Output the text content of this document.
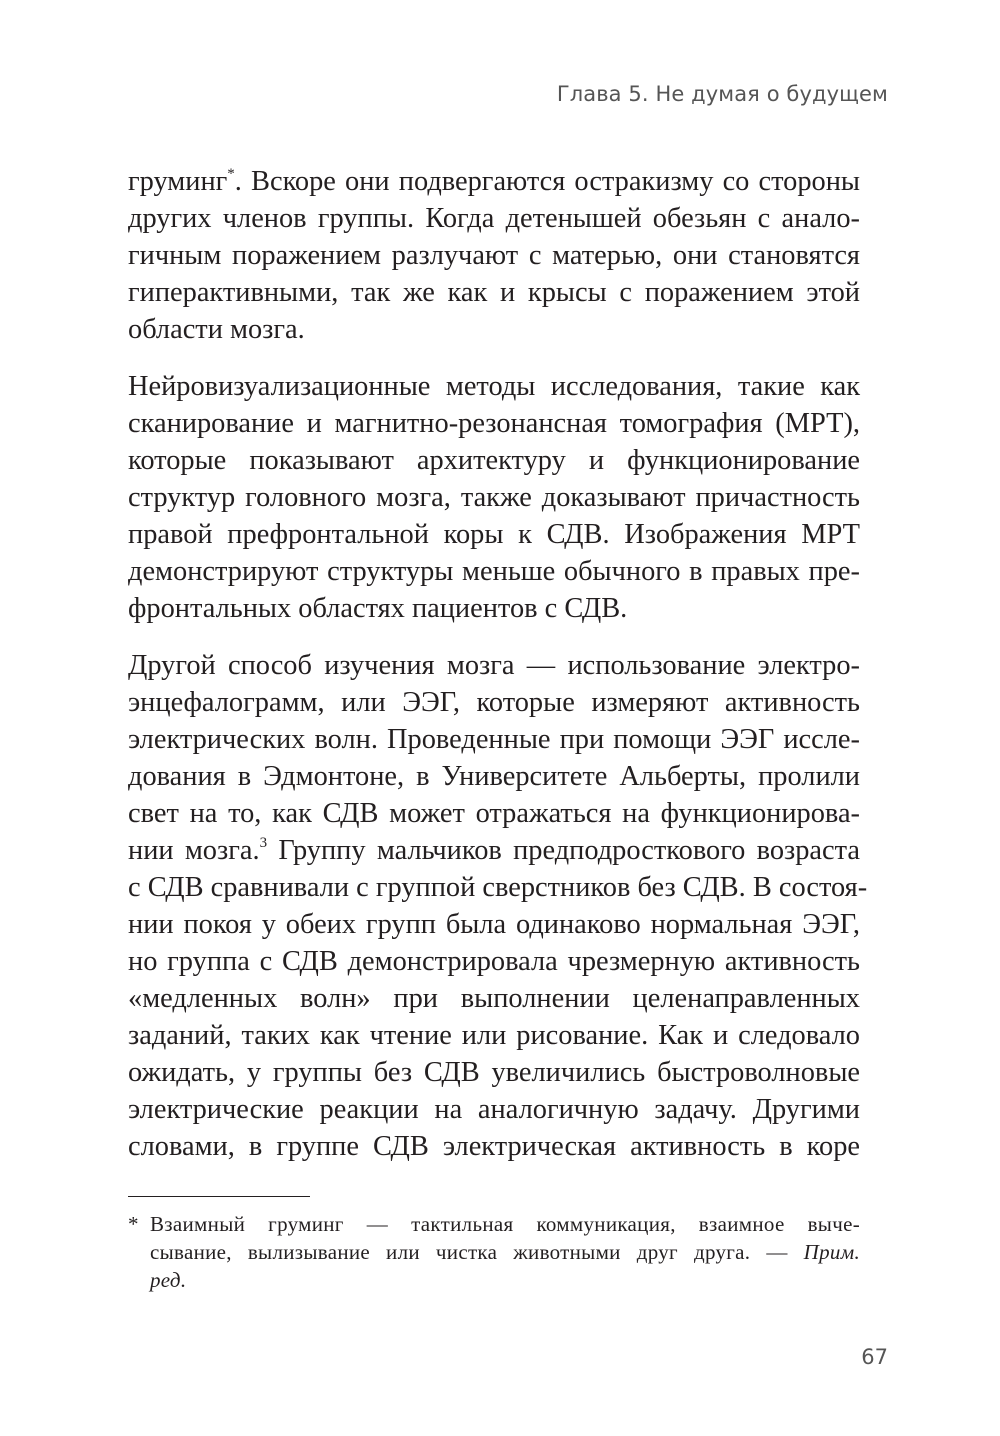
Глава 5. Не думая о будущем
груминг*. Вскоре они подвергаются остракизму со стороны
других членов группы. Когда детенышей обезьян с анало-
гичным поражением разлучают с матерью, они становятся
гиперактивными, так же как и крысы с поражением этой
области мозга.
Нейровизуализационные методы исследования, такие как
сканирование и магнитно-резонансная томография (МРТ),
которые показывают архитектуру и функционирование
структур головного мозга, также доказывают причастность
правой префронтальной коры к СДВ. Изображения МРТ
демонстрируют структуры меньше обычного в правых пре-
фронтальных областях пациентов с СДВ.
Другой способ изучения мозга — использование электро-
энцефалограмм, или ЭЭГ, которые измеряют активность
электрических волн. Проведенные при помощи ЭЭГ иссле-
дования в Эдмонтоне, в Университете Альберты, пролили
свет на то, как СДВ может отражаться на функционирова-
нии мозга.$^3$ Группу мальчиков предподросткового возраста
с СДВ сравнивали с группой сверстников без СДВ. В состоя-
нии покоя у обеих групп была одинаково нормальная ЭЭГ,
но группа с СДВ демонстрировала чрезмерную активность
«медленных волн» при выполнении целенаправленных
заданий, таких как чтение или рисование. Как и следовало
ожидать, у группы без СДВ увеличились быстроволновые
электрические реакции на аналогичную задачу. Другими
словами, в группе СДВ электрическая активность в коре
* Взаимный груминг — тактильная коммуникация, взаимное выче-
сывание, вылизывание или чистка животными друг друга. — Прим.
ред.
67
